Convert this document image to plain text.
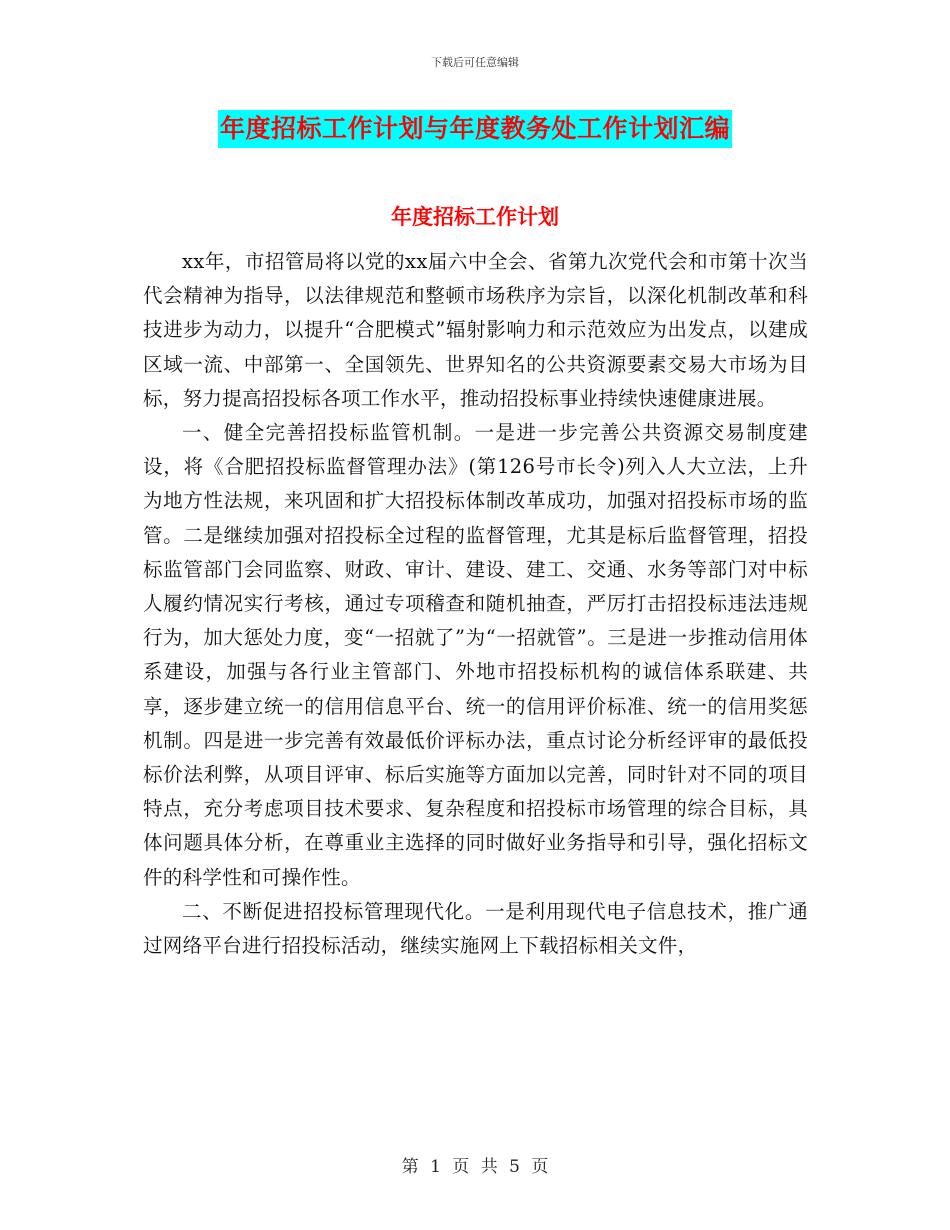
下载后可任意编辑
年度招标工作计划与年度教务处工作计划汇编
年度招标工作计划

xx年，市招管局将以党的xx届六中全会、省第九次党代会和市第十次当代会精神为指导，以法律规范和整顿市场秩序为宗旨，以深化机制改革和科技进步为动力，以提升“合肥模式”辐射影响力和示范效应为出发点，以建成区域一流、中部第一、全国领先、世界知名的公共资源要素交易大市场为目标，努力提高招投标各项工作水平，推动招投标事业持续快速健康进展。

一、健全完善招投标监管机制。一是进一步完善公共资源交易制度建设，将《合肥招投标监督管理办法》(第126号市长令)列入人大立法，上升为地方性法规，来巩固和扩大招投标体制改革成功，加强对招投标市场的监管。二是继续加强对招投标全过程的监督管理，尤其是标后监督管理，招投标监管部门会同监察、财政、审计、建设、建工、交通、水务等部门对中标人履约情况实行考核，通过专项稽查和随机抽查，严厉打击招投标违法违规行为，加大惩处力度，变“一招就了”为“一招就管”。三是进一步推动信用体系建设，加强与各行业主管部门、外地市招投标机构的诚信体系联建、共享，逐步建立统一的信用信息平台、统一的信用评价标准、统一的信用奖惩机制。四是进一步完善有效最低价评标办法，重点讨论分析经评审的最低投标价法利弊，从项目评审、标后实施等方面加以完善，同时针对不同的项目特点，充分考虑项目技术要求、复杂程度和招投标市场管理的综合目标，具体问题具体分析，在尊重业主选择的同时做好业务指导和引导，强化招标文件的科学性和可操作性。

二、不断促进招投标管理现代化。一是利用现代电子信息技术，推广通过网络平台进行招投标活动，继续实施网上下载招标相关文件，

第 1 页 共 5 页
